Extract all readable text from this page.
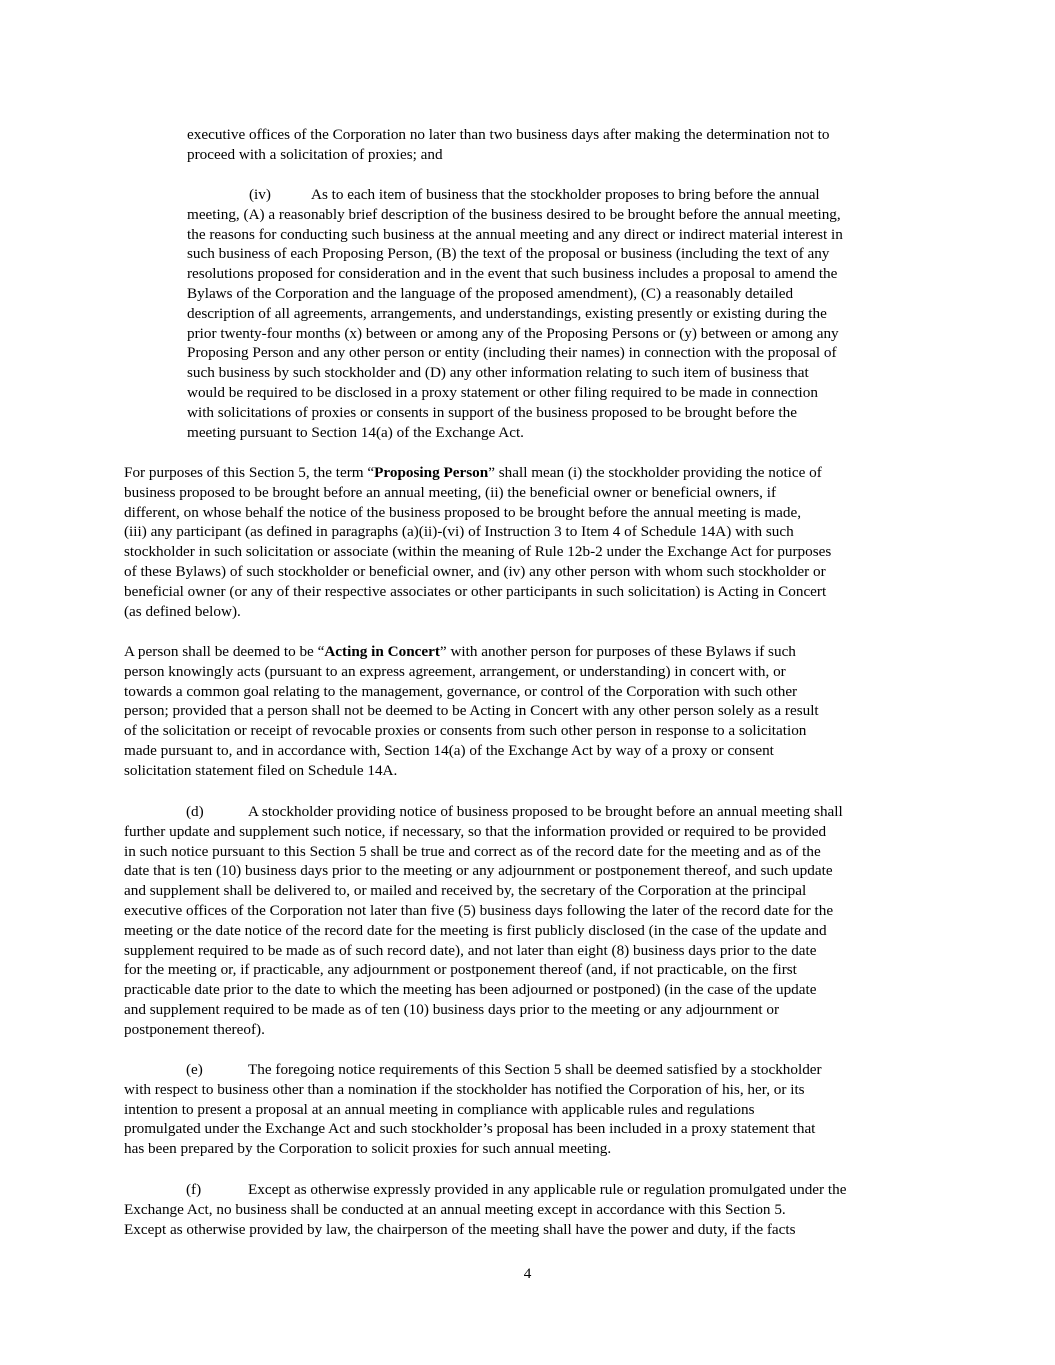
executive offices of the Corporation no later than two business days after making the determination not to
proceed with a solicitation of proxies; and

(iv)	As to each item of business that the stockholder proposes to bring before the annual
meeting, (A) a reasonably brief description of the business desired to be brought before the annual meeting,
the reasons for conducting such business at the annual meeting and any direct or indirect material interest in
such business of each Proposing Person, (B) the text of the proposal or business (including the text of any
resolutions proposed for consideration and in the event that such business includes a proposal to amend the
Bylaws of the Corporation and the language of the proposed amendment), (C) a reasonably detailed
description of all agreements, arrangements, and understandings, existing presently or existing during the
prior twenty-four months (x) between or among any of the Proposing Persons or (y) between or among any
Proposing Person and any other person or entity (including their names) in connection with the proposal of
such business by such stockholder and (D) any other information relating to such item of business that
would be required to be disclosed in a proxy statement or other filing required to be made in connection
with solicitations of proxies or consents in support of the business proposed to be brought before the
meeting pursuant to Section 14(a) of the Exchange Act.

For purposes of this Section 5, the term “Proposing Person” shall mean (i) the stockholder providing the notice of
business proposed to be brought before an annual meeting, (ii) the beneficial owner or beneficial owners, if
different, on whose behalf the notice of the business proposed to be brought before the annual meeting is made,
(iii) any participant (as defined in paragraphs (a)(ii)-(vi) of Instruction 3 to Item 4 of Schedule 14A) with such
stockholder in such solicitation or associate (within the meaning of Rule 12b-2 under the Exchange Act for purposes
of these Bylaws) of such stockholder or beneficial owner, and (iv) any other person with whom such stockholder or
beneficial owner (or any of their respective associates or other participants in such solicitation) is Acting in Concert
(as defined below).

A person shall be deemed to be “Acting in Concert” with another person for purposes of these Bylaws if such
person knowingly acts (pursuant to an express agreement, arrangement, or understanding) in concert with, or
towards a common goal relating to the management, governance, or control of the Corporation with such other
person; provided that a person shall not be deemed to be Acting in Concert with any other person solely as a result
of the solicitation or receipt of revocable proxies or consents from such other person in response to a solicitation
made pursuant to, and in accordance with, Section 14(a) of the Exchange Act by way of a proxy or consent
solicitation statement filed on Schedule 14A.

(d)	A stockholder providing notice of business proposed to be brought before an annual meeting shall
further update and supplement such notice, if necessary, so that the information provided or required to be provided
in such notice pursuant to this Section 5 shall be true and correct as of the record date for the meeting and as of the
date that is ten (10) business days prior to the meeting or any adjournment or postponement thereof, and such update
and supplement shall be delivered to, or mailed and received by, the secretary of the Corporation at the principal
executive offices of the Corporation not later than five (5) business days following the later of the record date for the
meeting or the date notice of the record date for the meeting is first publicly disclosed (in the case of the update and
supplement required to be made as of such record date), and not later than eight (8) business days prior to the date
for the meeting or, if practicable, any adjournment or postponement thereof (and, if not practicable, on the first
practicable date prior to the date to which the meeting has been adjourned or postponed) (in the case of the update
and supplement required to be made as of ten (10) business days prior to the meeting or any adjournment or
postponement thereof).

(e)	The foregoing notice requirements of this Section 5 shall be deemed satisfied by a stockholder
with respect to business other than a nomination if the stockholder has notified the Corporation of his, her, or its
intention to present a proposal at an annual meeting in compliance with applicable rules and regulations
promulgated under the Exchange Act and such stockholder’s proposal has been included in a proxy statement that
has been prepared by the Corporation to solicit proxies for such annual meeting.

(f)	Except as otherwise expressly provided in any applicable rule or regulation promulgated under the
Exchange Act, no business shall be conducted at an annual meeting except in accordance with this Section 5.
Except as otherwise provided by law, the chairperson of the meeting shall have the power and duty, if the facts

4
